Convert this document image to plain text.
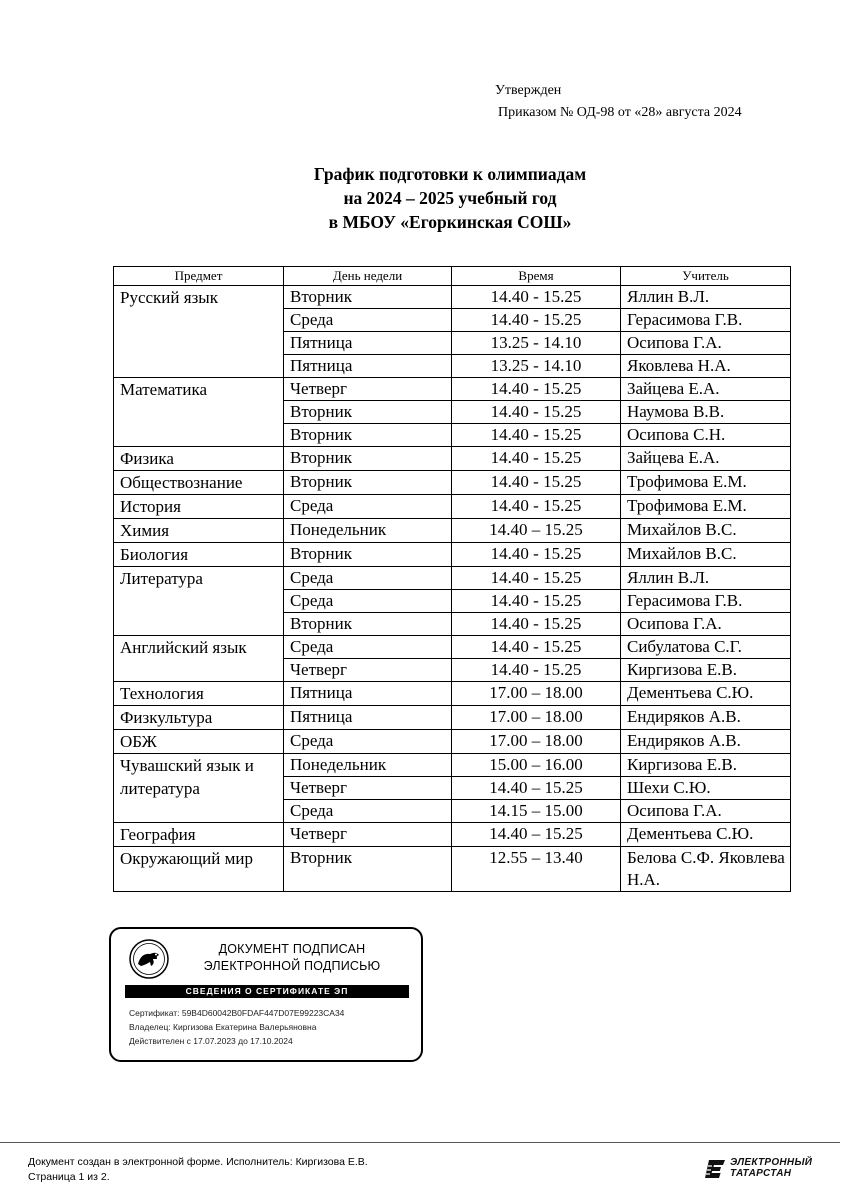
Утвержден
Приказом № ОД-98 от «28» августа 2024
График подготовки к олимпиадам
на 2024 – 2025 учебный год
в МБОУ «Егоркинская СОШ»
Предмет	День недели	Время	Учитель
Русский язык	Вторник	14.40 - 15.25	Яллин В.Л.
	Среда	14.40 - 15.25	Герасимова Г.В.
	Пятница	13.25 - 14.10	Осипова Г.А.
	Пятница	13.25 - 14.10	Яковлева Н.А.
Математика	Четверг	14.40 - 15.25	Зайцева Е.А.
	Вторник	14.40 - 15.25	Наумова В.В.
	Вторник	14.40 - 15.25	Осипова С.Н.
Физика	Вторник	14.40 - 15.25	Зайцева Е.А.
Обществознание	Вторник	14.40 - 15.25	Трофимова Е.М.
История	Среда	14.40 - 15.25	Трофимова Е.М.
Химия	Понедельник	14.40 – 15.25	Михайлов В.С.
Биология	Вторник	14.40 - 15.25	Михайлов В.С.
Литература	Среда	14.40 - 15.25	Яллин В.Л.
	Среда	14.40 - 15.25	Герасимова Г.В.
	Вторник	14.40 - 15.25	Осипова Г.А.
Английский язык	Среда	14.40 - 15.25	Сибулатова С.Г.
	Четверг	14.40 - 15.25	Киргизова Е.В.
Технология	Пятница	17.00 – 18.00	Дементьева С.Ю.
Физкультура	Пятница	17.00 – 18.00	Ендиряков А.В.
ОБЖ	Среда	17.00 – 18.00	Ендиряков А.В.
Чувашский язык и литература	Понедельник	15.00 – 16.00	Киргизова Е.В.
	Четверг	14.40 – 15.25	Шехи С.Ю.
	Среда	14.15 – 15.00	Осипова Г.А.
География	Четверг	14.40 – 15.25	Дементьева С.Ю.
Окружающий мир	Вторник	12.55 – 13.40	Белова С.Ф. Яковлева Н.А.
ДОКУМЕНТ ПОДПИСАН
ЭЛЕКТРОННОЙ ПОДПИСЬЮ
СВЕДЕНИЯ О СЕРТИФИКАТЕ ЭП
Сертификат: 59B4D60042B0FDAF447D07E99223CA34
Владелец: Киргизова Екатерина Валерьяновна
Действителен с 17.07.2023 до 17.10.2024
Документ создан в электронной форме. Исполнитель: Киргизова Е.В.
Страница 1 из 2.
ЭЛЕКТРОННЫЙ
ТАТАРСТАН
